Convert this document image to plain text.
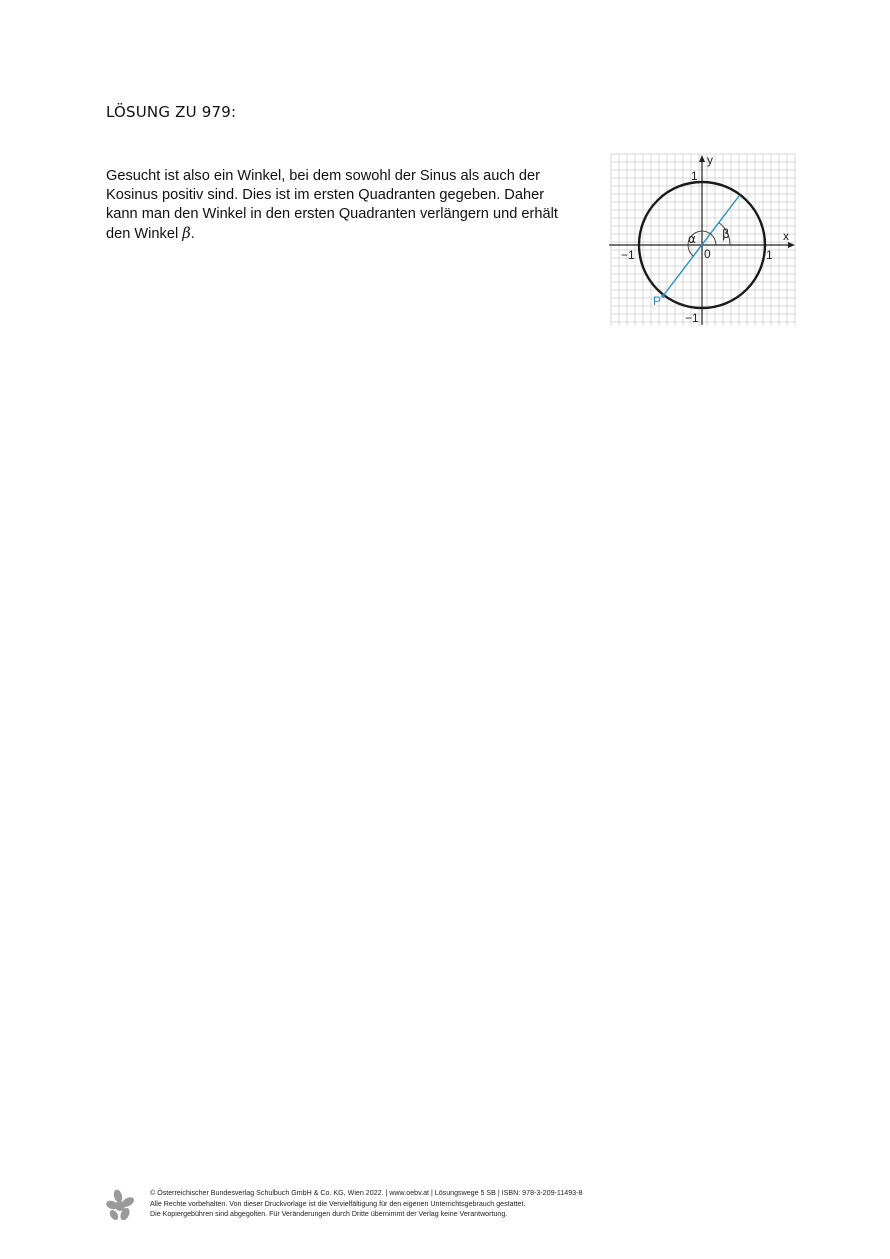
LÖSUNG ZU 979:
Gesucht ist also ein Winkel, bei dem sowohl der Sinus als auch der Kosinus positiv sind. Dies ist im ersten Quadranten gegeben. Daher kann man den Winkel in den ersten Quadranten verlängern und erhält den Winkel β.	x
y
1
−1
1
−1	0
α β
P
© Österreichischer Bundesverlag Schulbuch GmbH & Co. KG, Wien 2022. | www.oebv.at | Lösungswege 5 SB | ISBN: 978-3-209-11493-8
Alle Rechte vorbehalten. Von dieser Druckvorlage ist die Vervielfältigung für den eigenen Unterrichtsgebrauch gestattet.
Die Kopiergebühren sind abgegolten. Für Veränderungen durch Dritte übernimmt der Verlag keine Verantwortung.
